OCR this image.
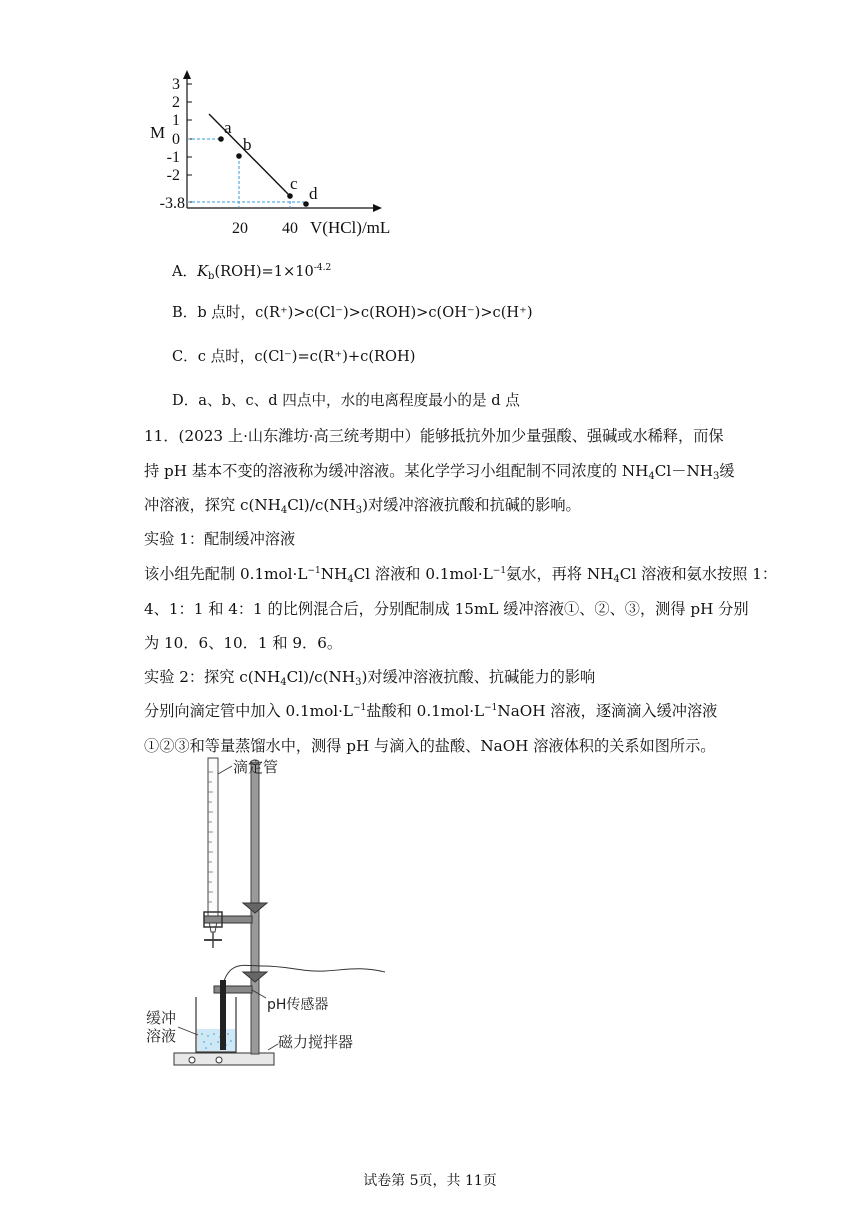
3
2
1
0
-1
-2
-3.8
M
20 40 V(HCl)/mL
a
b
c
d
A．$K_b(ROH)=1\times 10^{-4.2}$
B．b 点时，c(R⁺)>c(Cl⁻)>c(ROH)>c(OH⁻)>c(H⁺)
C．c 点时，c(Cl⁻)=c(R⁺)+c(ROH)
D．a、b、c、d 四点中，水的电离程度最小的是 d 点
11．(2023 上·山东潍坊·高三统考期中）能够抵抗外加少量强酸、强碱或水稀释，而保
持 pH 基本不变的溶液称为缓冲溶液。某化学学习小组配制不同浓度的 $NH_4Cl-NH_3$缓
冲溶液，探究 $c(NH_4Cl)/c(NH_3)$对缓冲溶液抗酸和抗碱的影响。
实验 1：配制缓冲溶液
该小组先配制 $0.1mol\cdot L^{-1}NH_4Cl$ 溶液和 $0.1mol\cdot L^{-1}$氨水，再将 $NH_4Cl$ 溶液和氨水按照 1：
4、1：1 和 4：1 的比例混合后，分别配制成 15mL 缓冲溶液①、②、③，测得 pH 分别
为 10．6、10．1 和 9．6。
实验 2：探究 $c(NH_4Cl)/c(NH_3)$对缓冲溶液抗酸、抗碱能力的影响
分别向滴定管中加入 $0.1mol\cdot L^{-1}$盐酸和 $0.1mol\cdot L^{-1}NaOH$ 溶液，逐滴滴入缓冲溶液
①②③和等量蒸馏水中，测得 pH 与滴入的盐酸、NaOH 溶液体积的关系如图所示。
滴定管
pH传感器
缓冲
溶液	磁力搅拌器
试卷第 5页，共 11页
